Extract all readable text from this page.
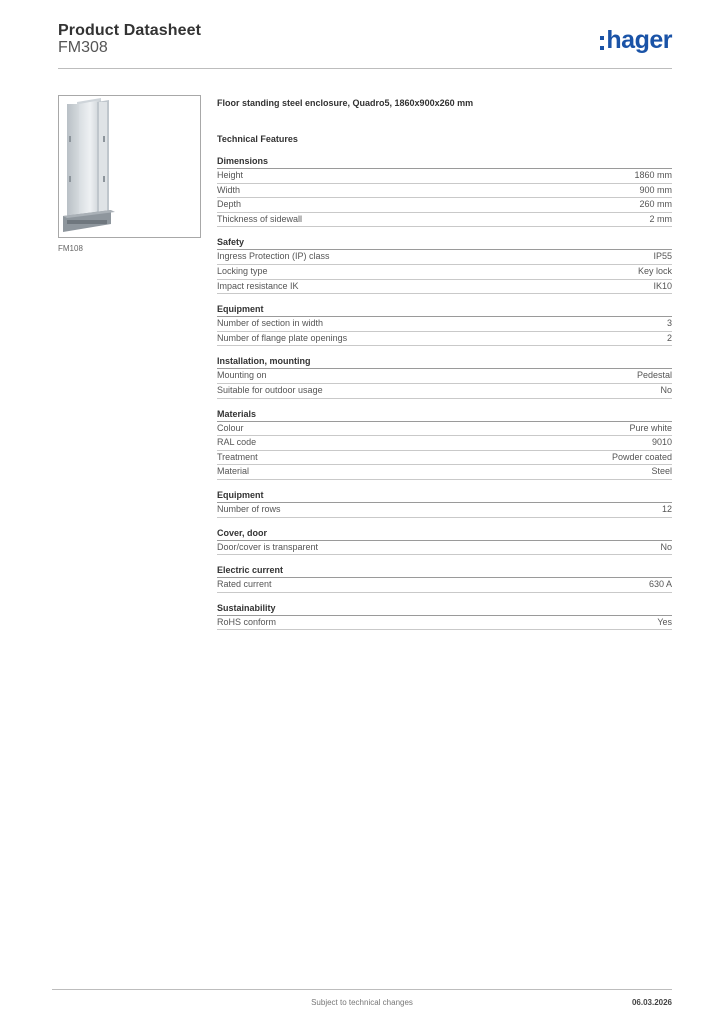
Product Datasheet
FM308	hager
FM108
Floor standing steel enclosure, Quadro5, 1860x900x260 mm
Technical Features
Dimensions
Height	1860 mm
Width	900 mm
Depth	260 mm
Thickness of sidewall	2 mm
Safety
Ingress Protection (IP) class	IP55
Locking type	Key lock
Impact resistance IK	IK10
Equipment
Number of section in width	3
Number of flange plate openings	2
Installation, mounting
Mounting on	Pedestal
Suitable for outdoor usage	No
Materials
Colour	Pure white
RAL code	9010
Treatment	Powder coated
Material	Steel
Equipment
Number of rows	12
Cover, door
Door/cover is transparent	No
Electric current
Rated current	630 A
Sustainability
RoHS conform	Yes
Subject to technical changes	06.03.2026
